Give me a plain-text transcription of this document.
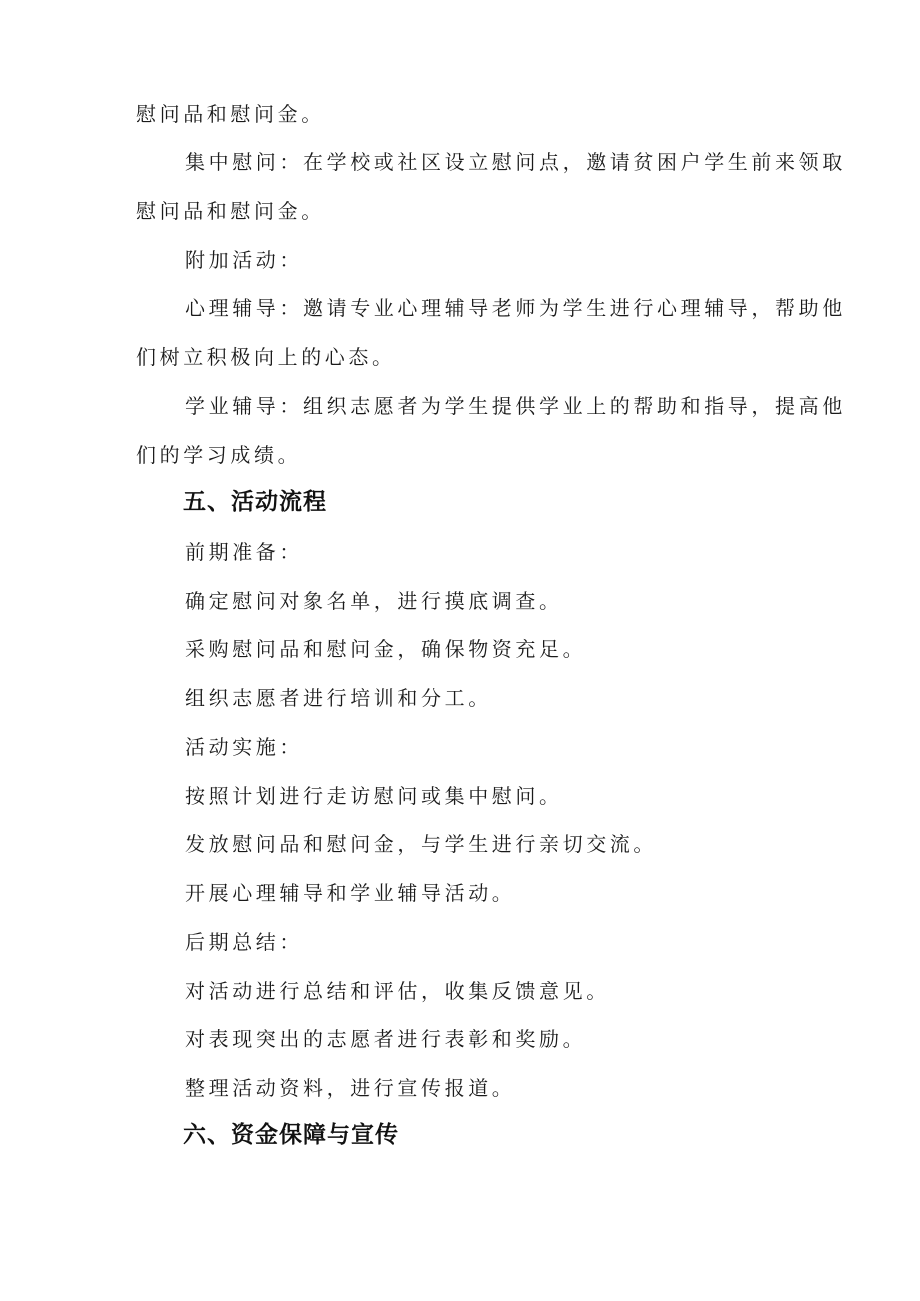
慰问品和慰问金。
集中慰问：在学校或社区设立慰问点，邀请贫困户学生前来领取
慰问品和慰问金。
附加活动：
心理辅导：邀请专业心理辅导老师为学生进行心理辅导，帮助他
们树立积极向上的心态。
学业辅导：组织志愿者为学生提供学业上的帮助和指导，提高他
们的学习成绩。
五、活动流程
前期准备：
确定慰问对象名单，进行摸底调查。
采购慰问品和慰问金，确保物资充足。
组织志愿者进行培训和分工。
活动实施：
按照计划进行走访慰问或集中慰问。
发放慰问品和慰问金，与学生进行亲切交流。
开展心理辅导和学业辅导活动。
后期总结：
对活动进行总结和评估，收集反馈意见。
对表现突出的志愿者进行表彰和奖励。
整理活动资料，进行宣传报道。
六、资金保障与宣传
